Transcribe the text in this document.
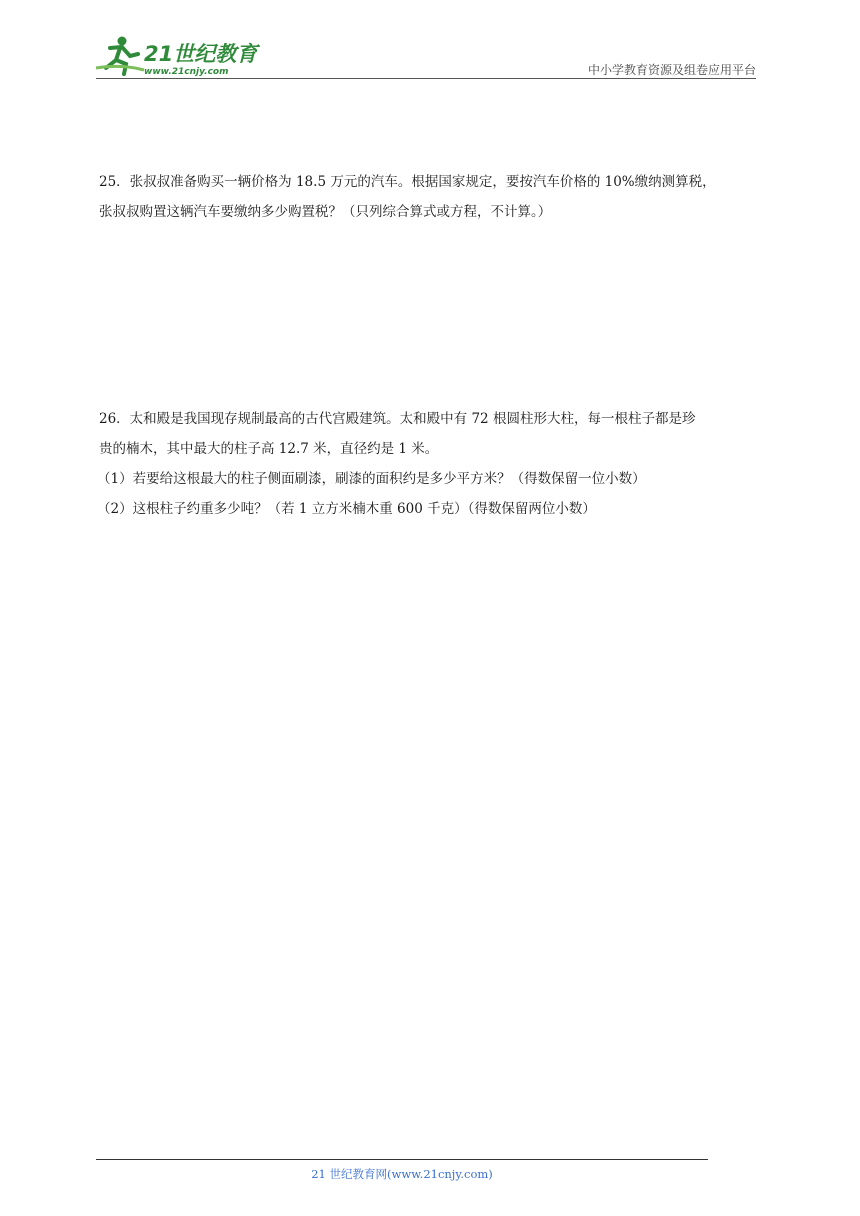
21世纪教育
www.21cnjy.com	中小学教育资源及组卷应用平台

25．张叔叔准备购买一辆价格为 18.5 万元的汽车。根据国家规定，要按汽车价格的 10%缴纳测算税，

张叔叔购置这辆汽车要缴纳多少购置税？（只列综合算式或方程，不计算。）

26．太和殿是我国现存规制最高的古代宫殿建筑。太和殿中有 72 根圆柱形大柱，每一根柱子都是珍

贵的楠木，其中最大的柱子高 12.7 米，直径约是 1 米。

（1）若要给这根最大的柱子侧面刷漆，刷漆的面积约是多少平方米？（得数保留一位小数）

（2）这根柱子约重多少吨？（若 1 立方米楠木重 600 千克）（得数保留两位小数）

21 世纪教育网(www.21cnjy.com)
